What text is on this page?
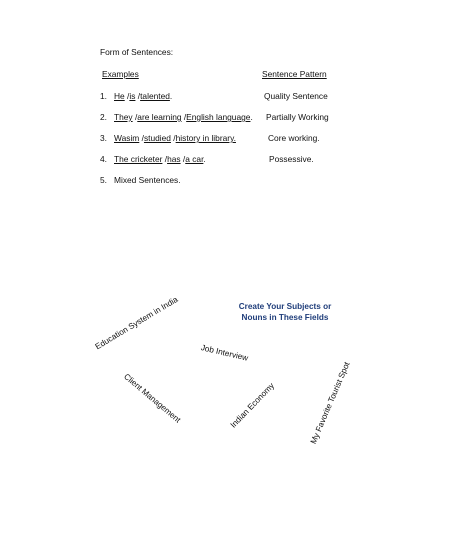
Form of Sentences:
Examples	Sentence Pattern
1. He /is /talented.	Quality Sentence
2. They /are learning /English language. Partially Working
3. Wasim /studied /history in library.	Core working.
4. The cricketer /has /a car.	Possessive.
5. Mixed Sentences.
Create Your Subjects or
Nouns in These Fields
Education System in India
Job Interview
Client Management	Indian Economy	My Favorite Tourist Spot
